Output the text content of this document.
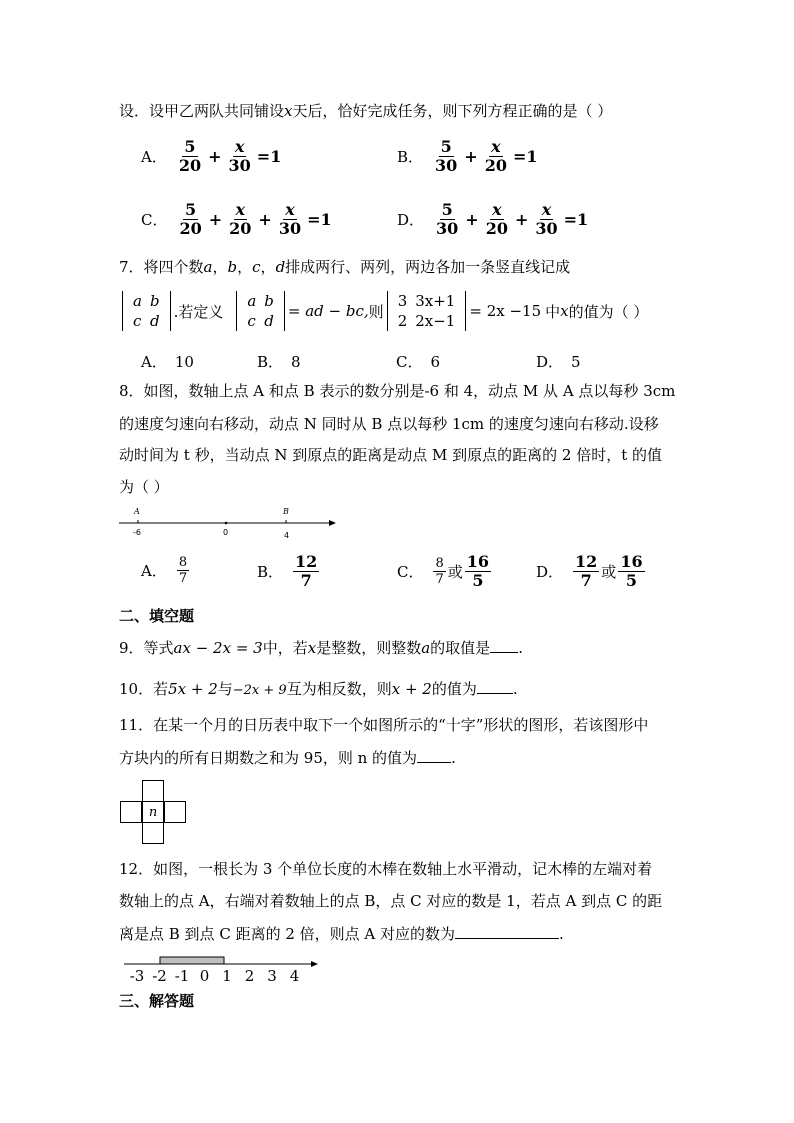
设．设甲乙两队共同铺设x天后，恰好完成任务，则下列方程正确的是（ ）
A． $\frac{5}{20} + \frac{x}{30} =1$	B． $\frac{5}{30} + \frac{x}{20} =1$
C． $\frac{5}{20} + \frac{x}{20} + \frac{x}{30} =1$	D． $\frac{5}{30} + \frac{x}{20} + \frac{x}{30} =1$
7．将四个数a，b，c，d排成两行、两列，两边各加一条竖直线记成
a	b
c	d
.若定义
a	b
c	d
= ad − bc, 则
3	3x+1
2	2x−1
= 2x −15 中 x 的值为（ ）
A． 10	B． 8	C． 6	D． 5
8．如图，数轴上点 A 和点 B 表示的数分别是-6 和 4，动点 M 从 A 点以每秒 3cm
的速度匀速向右移动，动点 N 同时从 B 点以每秒 1cm 的速度匀速向右移动.设移
动时间为 t 秒，当动点 N 到原点的距离是动点 M 到原点的距离的 2 倍时，t 的值
为（ ）
A	B
-6	0	4
A． $\frac{8}{7}$	B． $\frac{12}{7}$	C． $\frac{8}{7}$ 或 $\frac{16}{5}$	D． $\frac{12}{7}$ 或 $\frac{16}{5}$
二、填空题
9．等式ax − 2x = 3中，若x是整数，则整数a的取值是 .
10．若5x + 2与−2x + 9互为相反数，则x + 2的值为 .
11．在某一个月的日历表中取下一个如图所示的“十字”形状的图形，若该图形中
方块内的所有日期数之和为 95，则 n 的值为 .
n
12．如图，一根长为 3 个单位长度的木棒在数轴上水平滑动，记木棒的左端对着
数轴上的点 A，右端对着数轴上的点 B，点 C 对应的数是 1，若点 A 到点 C 的距
离是点 B 到点 C 距离的 2 倍，则点 A 对应的数为	.
-3 -2 -1 0 1 2 3 4
三、解答题
